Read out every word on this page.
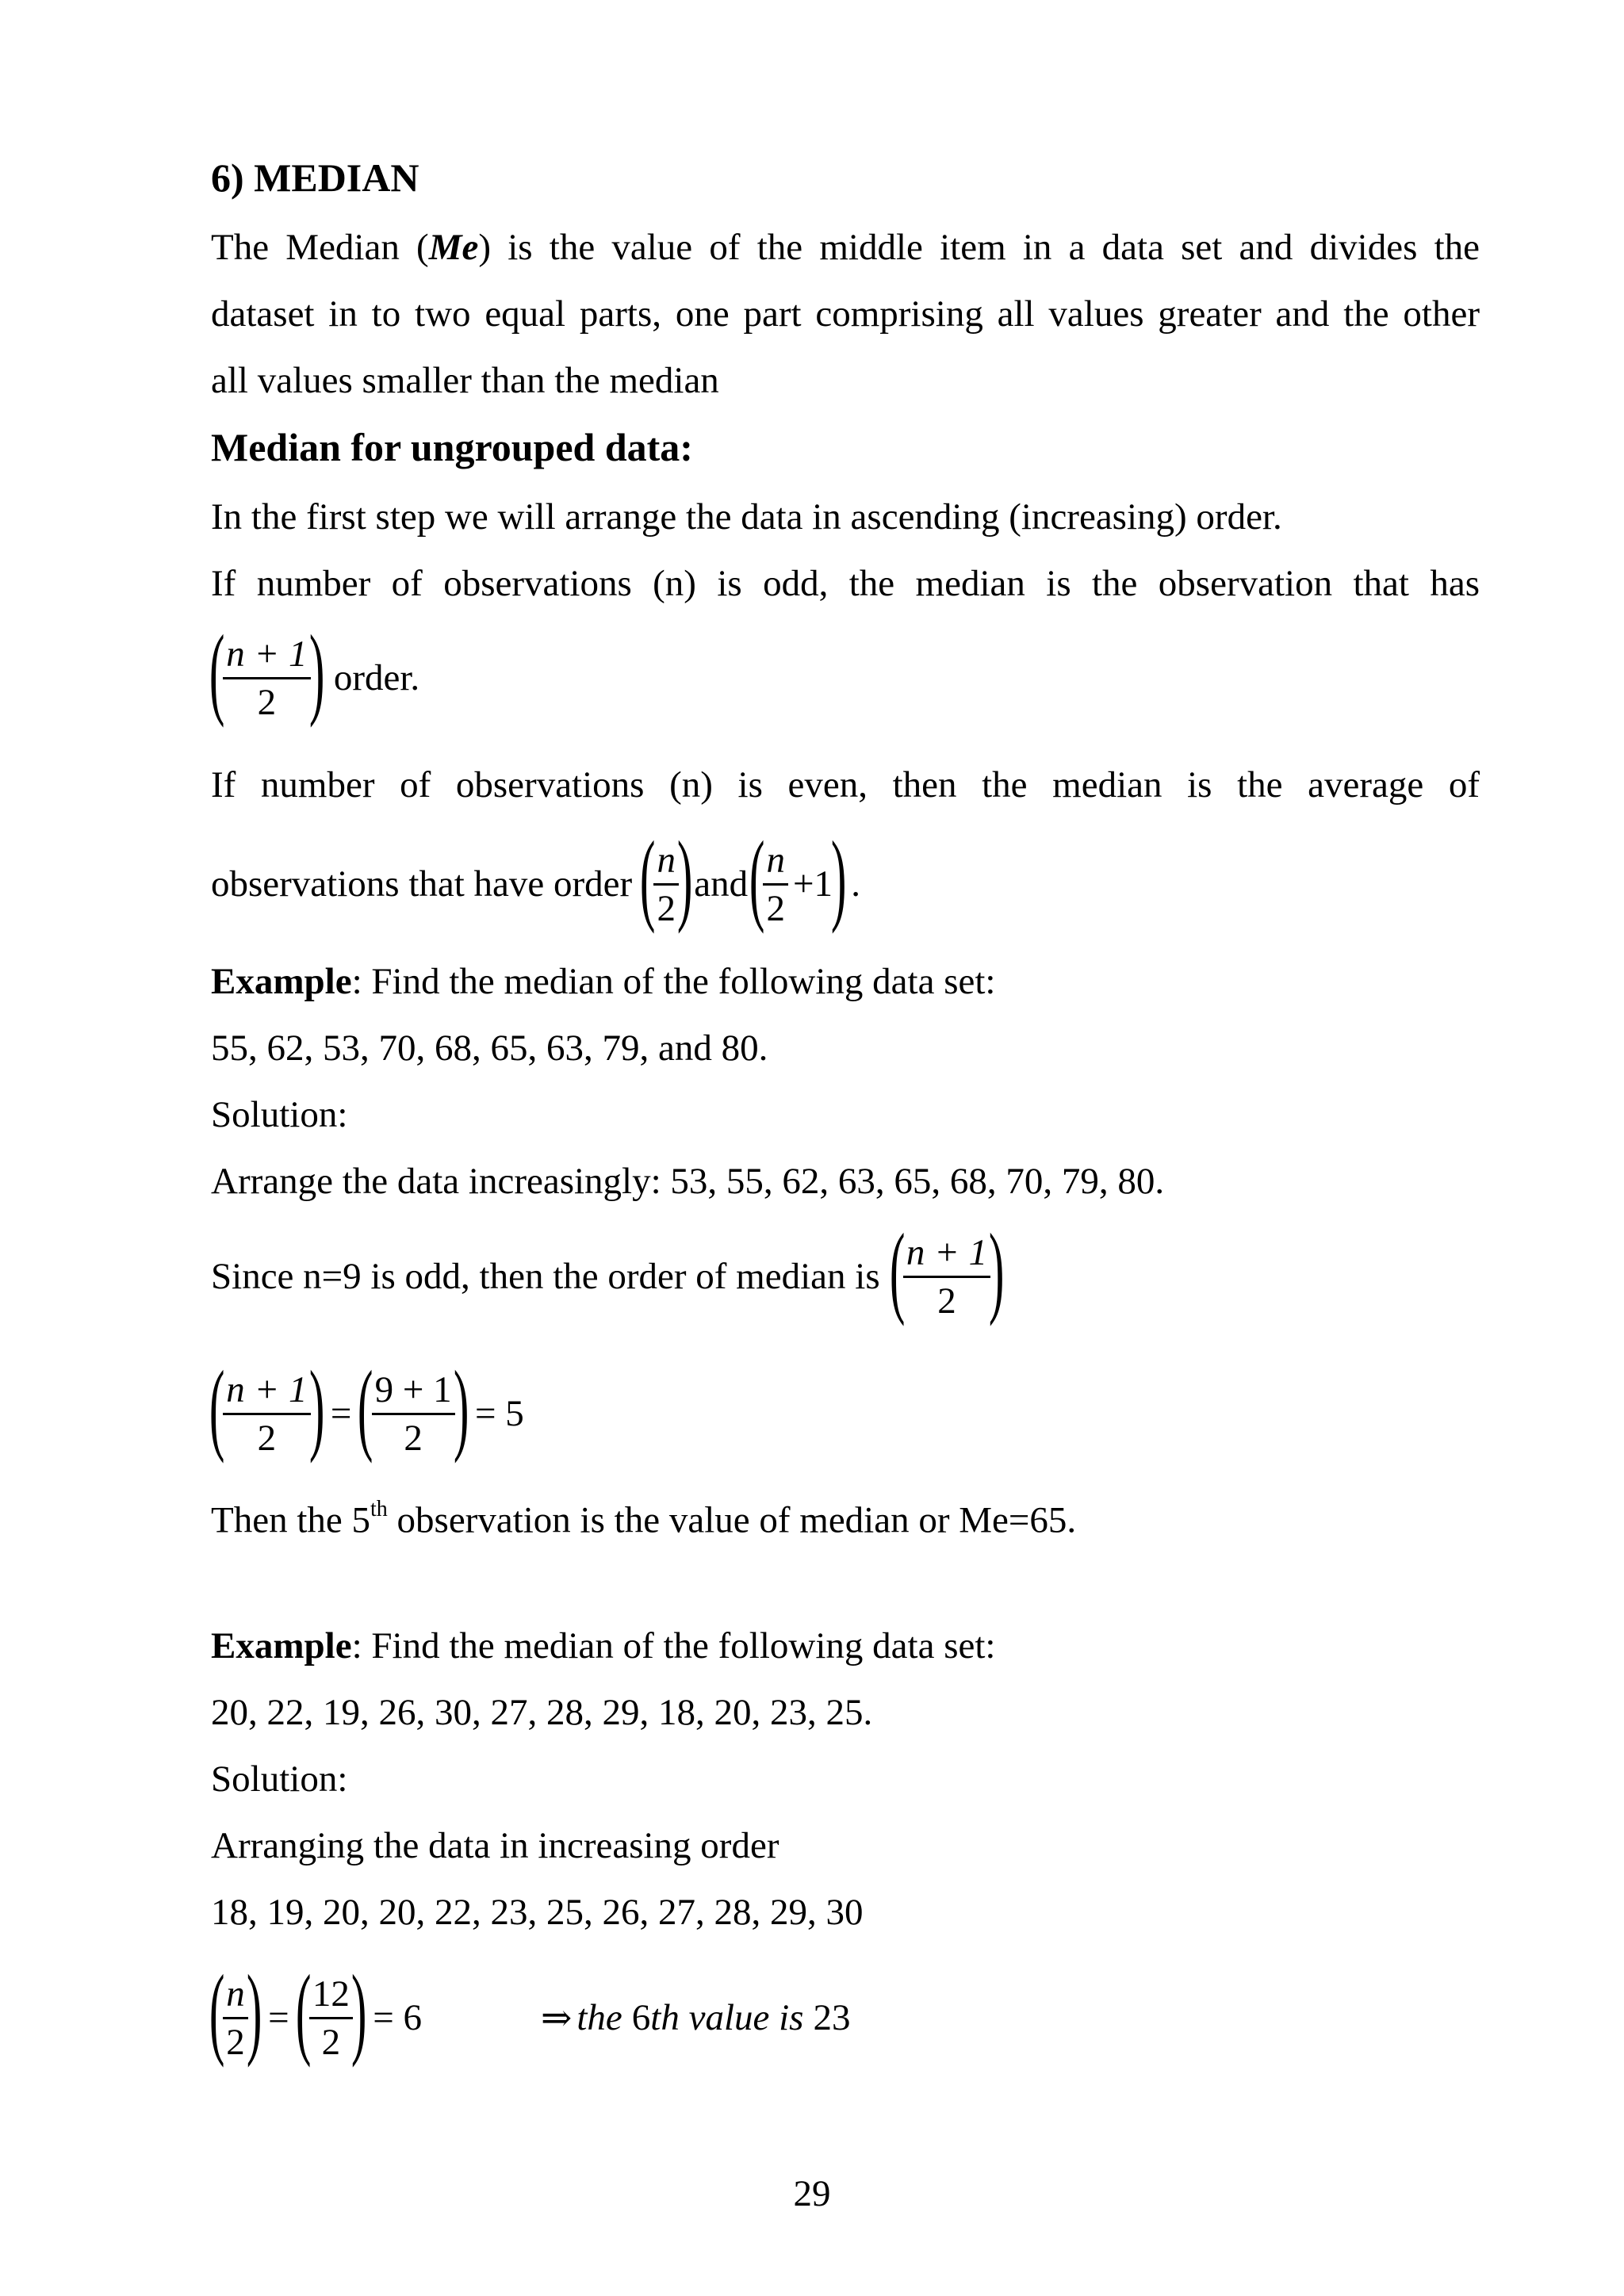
6) MEDIAN

The Median (Me) is the value of the middle item in a data set and divides the

dataset in to two equal parts, one part comprising all values greater and the other

all values smaller than the median

Median for ungrouped data:

In the first step we will arrange the data in ascending (increasing) order.

If number of observations (n) is odd, the median is the observation that has

(
$\frac{n + 1}{2}$
) order.

If number of observations (n) is even, then the median is the average of

observations that have order (
$\frac{n}{2}$
) and (
$\frac{n}{2} +1$
) .

Example: Find the median of the following data set:

55, 62, 53, 70, 68, 65, 63, 79, and 80.

Solution:

Arrange the data increasingly: 53, 55, 62, 63, 65, 68, 70, 79, 80.

Since n=9 is odd, then the order of median is (
$\frac{n + 1}{2}$
)
(
$\frac{n + 1}{2}$
) = (
$\frac{9 + 1}{2}$
) = 5

Then the 5th observation is the value of median or Me=65.

Example: Find the median of the following data set:

20, 22, 19, 26, 30, 27, 28, 29, 18, 20, 23, 25.

Solution:

Arranging the data in increasing order

18, 19, 20, 20, 22, 23, 25, 26, 27, 28, 29, 30

(
$\frac{n}{2}$
) = (
$\frac{12}{2}$
) = 6	⇒ the 6 th value is 23
29
